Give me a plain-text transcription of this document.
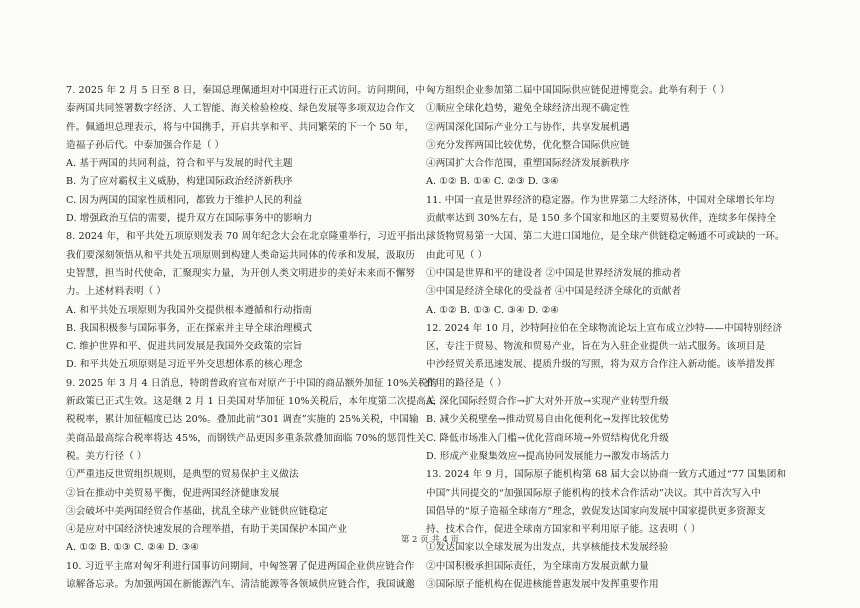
7. 2025 年 2 月 5 日至 8 日，秦国总理佩通坦对中国进行正式访问。访问期间，中
泰两国共同签署数字经济、人工智能、海关检验检疫、绿色发展等多项双边合作文
件。佩通坦总理表示，将与中国携手，开启共享和平、共同繁荣的下一个 50 年，
造福子孙后代。中泰加强合作是（ ）
A. 基于两国的共同利益，符合和平与发展的时代主题
B. 为了应对霸权主义威胁，构建国际政治经济新秩序
C. 因为两国的国家性质相同，都致力于维护人民的利益
D. 增强政治互信的需要，提升双方在国际事务中的影响力
8. 2024 年，和平共处五项原则发表 70 周年纪念大会在北京隆重举行，习近平指出，
我们要深刻领悟从和平共处五项原则到构建人类命运共同体的传承和发展，汲取历
史智慧，担当时代使命，汇聚现实力量，为开创人类文明进步的美好未来而不懈努
力。上述材料表明（ ）
A. 和平共处五项原则为我国外交提供根本遵循和行动指南
B. 我国积极参与国际事务，正在探索并主导全球治理模式
C. 维护世界和平、促进共同发展是我国外交政策的宗旨
D. 和平共处五项原则是习近平外交思想体系的核心理念
9. 2025 年 3 月 4 日消息，特朗普政府宣布对原产于中国的商品额外加征 10%关税的
新政策已正式生效。这是继 2 月 1 日美国对华加征 10%关税后，本年度第二次提高关
税税率，累计加征幅度已达 20%。叠加此前“301 调查”实施的 25%关税，中国输
美商品最高综合税率将达 45%，而钢铁产品更因多重条款叠加面临 70%的惩罚性关
税。美方行径（ ）
①严重违反世贸组织规则，是典型的贸易保护主义做法
②旨在推动中美贸易平衡，促进两国经济健康发展
③会破坏中美两国经贸合作基础，扰乱全球产业链供应链稳定
④是应对中国经济快速发展的合理举措，有助于美国保护本国产业
A. ①② B. ①③ C. ②④ D. ③④
10. 习近平主席对匈牙利进行国事访问期间，中匈签署了促进两国企业供应链合作
谅解备忘录。为加强两国在新能源汽车、清洁能源等各领域供应链合作，我国诚邀
匈方组织企业参加第二届中国国际供应链促进博览会。此举有利于（ ）
①顺应全球化趋势，避免全球经济出现不确定性
②两国深化国际产业分工与协作，共享发展机遇
③充分发挥两国比较优势，优化整合国际供应链
④两国扩大合作范围，重塑国际经济发展新秩序
A. ①② B. ①④ C. ②③ D. ③④
11. 中国一直是世界经济的稳定器。作为世界第二大经济体，中国对全球增长年均
贡献率达到 30%左右，是 150 多个国家和地区的主要贸易伙伴，连续多年保持全
球货物贸易第一大国、第二大进口国地位，是全球产供链稳定畅通不可或缺的一环。
由此可见（ ）
①中国是世界和平的建设者 ②中国是世界经济发展的推动者
③中国是经济全球化的受益者 ④中国是经济全球化的贡献者
A. ①② B. ①③ C. ③④ D. ②④
12. 2024 年 10 月，沙特阿拉伯在全球物流论坛上宣布成立沙特——中国特别经济
区，专注于贸易、物流和贸易产业，旨在为入驻企业提供一站式服务。该项目是
中沙经贸关系迅速发展、提质升级的写照，将为双方合作注入新动能。该举措发挥
作用的路径是（ ）
A. 深化国际经贸合作→扩大对外开放→实现产业转型升级
B. 减少关税壁垒→推动贸易自由化便利化→发挥比较优势
C. 降低市场准入门槛→优化营商环境→外贸结构优化升级
D. 形成产业聚集效应→提高协同发展能力→激发市场活力
13. 2024 年 9 月，国际原子能机构第 68 届大会以协商一致方式通过“77 国集团和
中国”共同提交的“加强国际原子能机构的技术合作活动”决议。其中首次写入中
国倡导的“原子造福全球南方”理念，敦促发达国家向发展中国家提供更多资源支
持、技术合作，促进全球南方国家和平利用原子能。这表明（ ）
①发达国家以全球发展为出发点，共享核能技术发展经验
②中国积极承担国际责任，为全球南方发展贡献力量
③国际原子能机构在促进核能普惠发展中发挥重要作用
第 2 页 共 4 页
